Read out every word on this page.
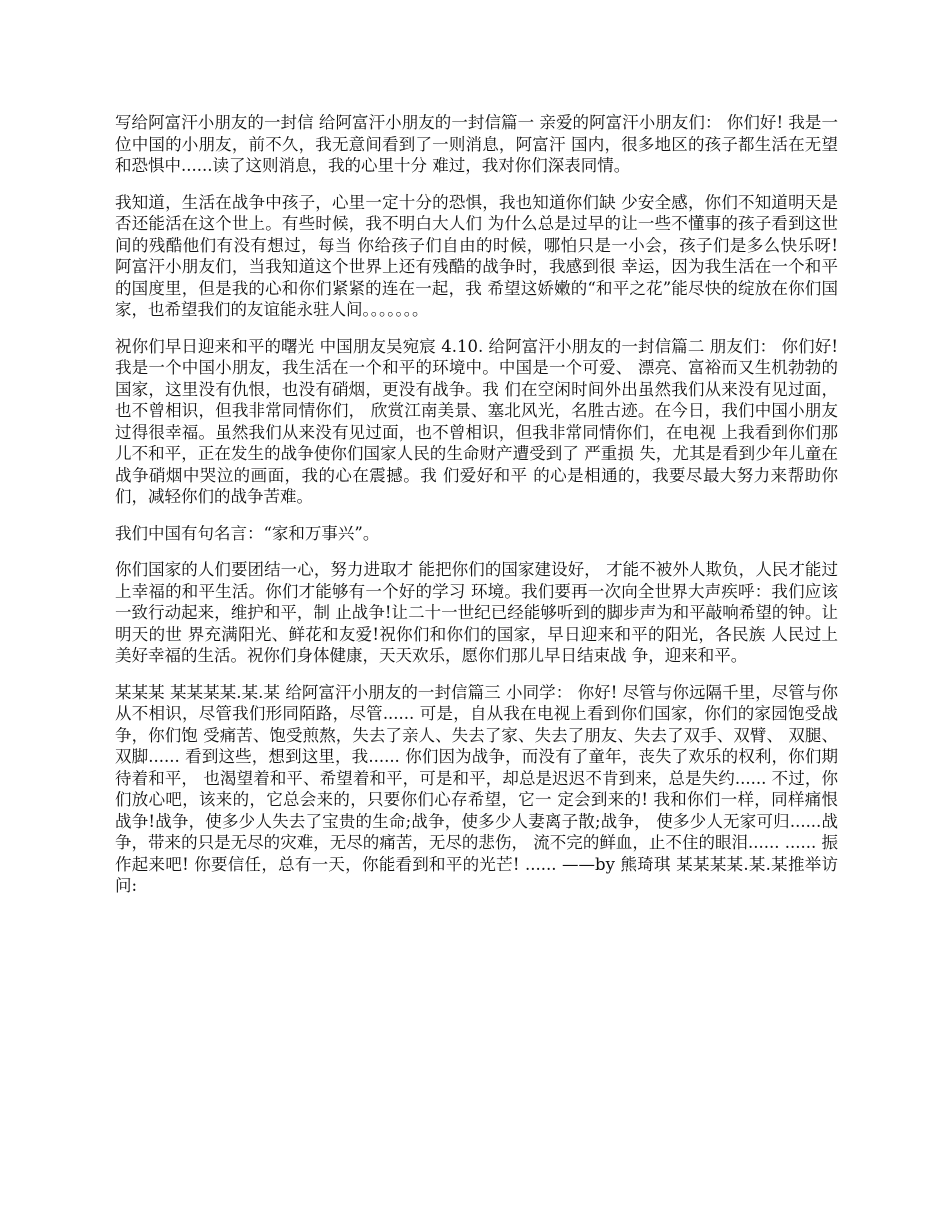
写给阿富汗小朋友的一封信 给阿富汗小朋友的一封信篇一 亲爱的阿富汗小朋友们： 你们好! 我是一位中国的小朋友，前不久，我无意间看到了一则消息，阿富汗 国内，很多地区的孩子都生活在无望和恐惧中......读了这则消息，我的心里十分 难过，我对你们深表同情。

我知道，生活在战争中孩子，心里一定十分的恐惧，我也知道你们缺 少安全感，你们不知道明天是否还能活在这个世上。有些时候，我不明白大人们 为什么总是过早的让一些不懂事的孩子看到这世间的残酷他们有没有想过，每当 你给孩子们自由的时候，哪怕只是一小会，孩子们是多么快乐呀! 阿富汗小朋友们，当我知道这个世界上还有残酷的战争时，我感到很 幸运，因为我生活在一个和平的国度里，但是我的心和你们紧紧的连在一起，我 希望这娇嫩的“和平之花”能尽快的绽放在你们国家，也希望我们的友谊能永驻人间。。。。。。。

祝你们早日迎来和平的曙光 中国朋友吴宛宸 4.10. 给阿富汗小朋友的一封信篇二 朋友们： 你们好! 我是一个中国小朋友，我生活在一个和平的环境中。中国是一个可爱、 漂亮、富裕而又生机勃勃的国家，这里没有仇恨，也没有硝烟，更没有战争。我 们在空闲时间外出虽然我们从来没有见过面，也不曾相识，但我非常同情你们， 欣赏江南美景、塞北风光，名胜古迹。在今日，我们中国小朋友过得很幸福。虽然我们从来没有见过面，也不曾相识，但我非常同情你们，在电视 上我看到你们那儿不和平，正在发生的战争使你们国家人民的生命财产遭受到了 严重损 失，尤其是看到少年儿童在战争硝烟中哭泣的画面，我的心在震撼。我 们爱好和平 的心是相通的，我要尽最大努力来帮助你们，减轻你们的战争苦难。

我们中国有句名言：“家和万事兴”。

你们国家的人们要团结一心，努力进取才 能把你们的国家建设好， 才能不被外人欺负，人民才能过上幸福的和平生活。你们才能够有一个好的学习 环境。我们要再一次向全世界大声疾呼：我们应该一致行动起来，维护和平，制 止战争!让二十一世纪已经能够听到的脚步声为和平敲响希望的钟。让明天的世 界充满阳光、鲜花和友爱!祝你们和你们的国家，早日迎来和平的阳光，各民族 人民过上美好幸福的生活。祝你们身体健康，天天欢乐，愿你们那儿早日结束战 争，迎来和平。

某某某 某某某某.某.某 给阿富汗小朋友的一封信篇三 小同学： 你好! 尽管与你远隔千里，尽管与你从不相识，尽管我们形同陌路，尽管...... 可是，自从我在电视上看到你们国家，你们的家园饱受战争，你们饱 受痛苦、饱受煎熬，失去了亲人、失去了家、失去了朋友、失去了双手、双臂、 双腿、双脚...... 看到这些，想到这里，我...... 你们因为战争，而没有了童年，丧失了欢乐的权利，你们期待着和平， 也渴望着和平、希望着和平，可是和平，却总是迟迟不肯到来，总是失约...... 不过，你们放心吧，该来的，它总会来的，只要你们心存希望，它一 定会到来的! 我和你们一样，同样痛恨战争!战争，使多少人失去了宝贵的生命;战争，使多少人妻离子散;战争， 使多少人无家可归......战争，带来的只是无尽的灾难，无尽的痛苦，无尽的悲伤， 流不完的鲜血，止不住的眼泪...... ...... 振作起来吧! 你要信任，总有一天，你能看到和平的光芒! ...... ——by 熊琦琪 某某某某.某.某推举访问:
